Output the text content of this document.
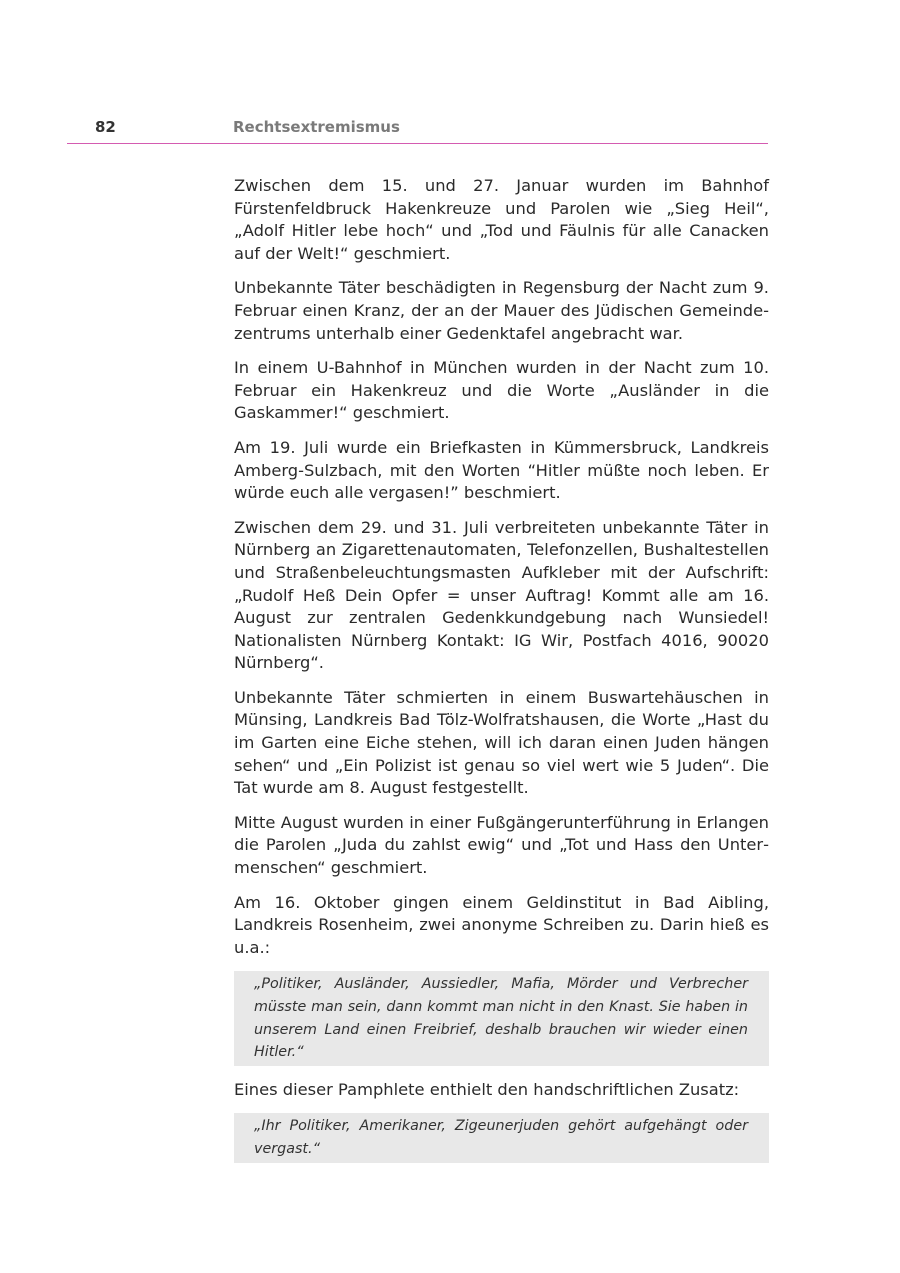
82	Rechtsextremismus

Zwischen dem 15. und 27. Januar wurden im Bahnhof Fürstenfeldbruck Hakenkreuze und Parolen wie „Sieg Heil“, „Adolf Hitler lebe hoch“ und „Tod und Fäulnis für alle Canacken auf der Welt!“ geschmiert.

Unbekannte Täter beschädigten in Regensburg der Nacht zum 9. Februar einen Kranz, der an der Mauer des Jüdischen Gemeindezentrums unterhalb einer Gedenktafel angebracht war.

In einem U-Bahnhof in München wurden in der Nacht zum 10. Februar ein Hakenkreuz und die Worte „Ausländer in die Gaskammer!“ geschmiert.

Am 19. Juli wurde ein Briefkasten in Kümmersbruck, Landkreis Amberg-Sulzbach, mit den Worten “Hitler müßte noch leben. Er würde euch alle vergasen!” beschmiert.

Zwischen dem 29. und 31. Juli verbreiteten unbekannte Täter in Nürnberg an Zigarettenautomaten, Telefonzellen, Bushaltestellen und Straßenbeleuchtungsmasten Aufkleber mit der Aufschrift: „Rudolf Heß Dein Opfer = unser Auftrag! Kommt alle am 16. August zur zentralen Gedenkkundgebung nach Wunsiedel! Nationalisten Nürnberg Kontakt: IG Wir, Postfach 4016, 90020 Nürnberg“.

Unbekannte Täter schmierten in einem Buswartehäuschen in Münsing, Landkreis Bad Tölz-Wolfratshausen, die Worte „Hast du im Garten eine Eiche stehen, will ich daran einen Juden hängen sehen“ und „Ein Polizist ist genau so viel wert wie 5 Juden“. Die Tat wurde am 8. August festgestellt.

Mitte August wurden in einer Fußgängerunterführung in Erlangen die Parolen „Juda du zahlst ewig“ und „Tot und Hass den Untermenschen“ geschmiert.

Am 16. Oktober gingen einem Geldinstitut in Bad Aibling, Landkreis Rosenheim, zwei anonyme Schreiben zu. Darin hieß es u.a.:

„Politiker, Ausländer, Aussiedler, Mafia, Mörder und Verbrecher müsste man sein, dann kommt man nicht in den Knast. Sie haben in unserem Land einen Freibrief, deshalb brauchen wir wieder einen Hitler.“

Eines dieser Pamphlete enthielt den handschriftlichen Zusatz:

„Ihr Politiker, Amerikaner, Zigeunerjuden gehört aufgehängt oder vergast.“
